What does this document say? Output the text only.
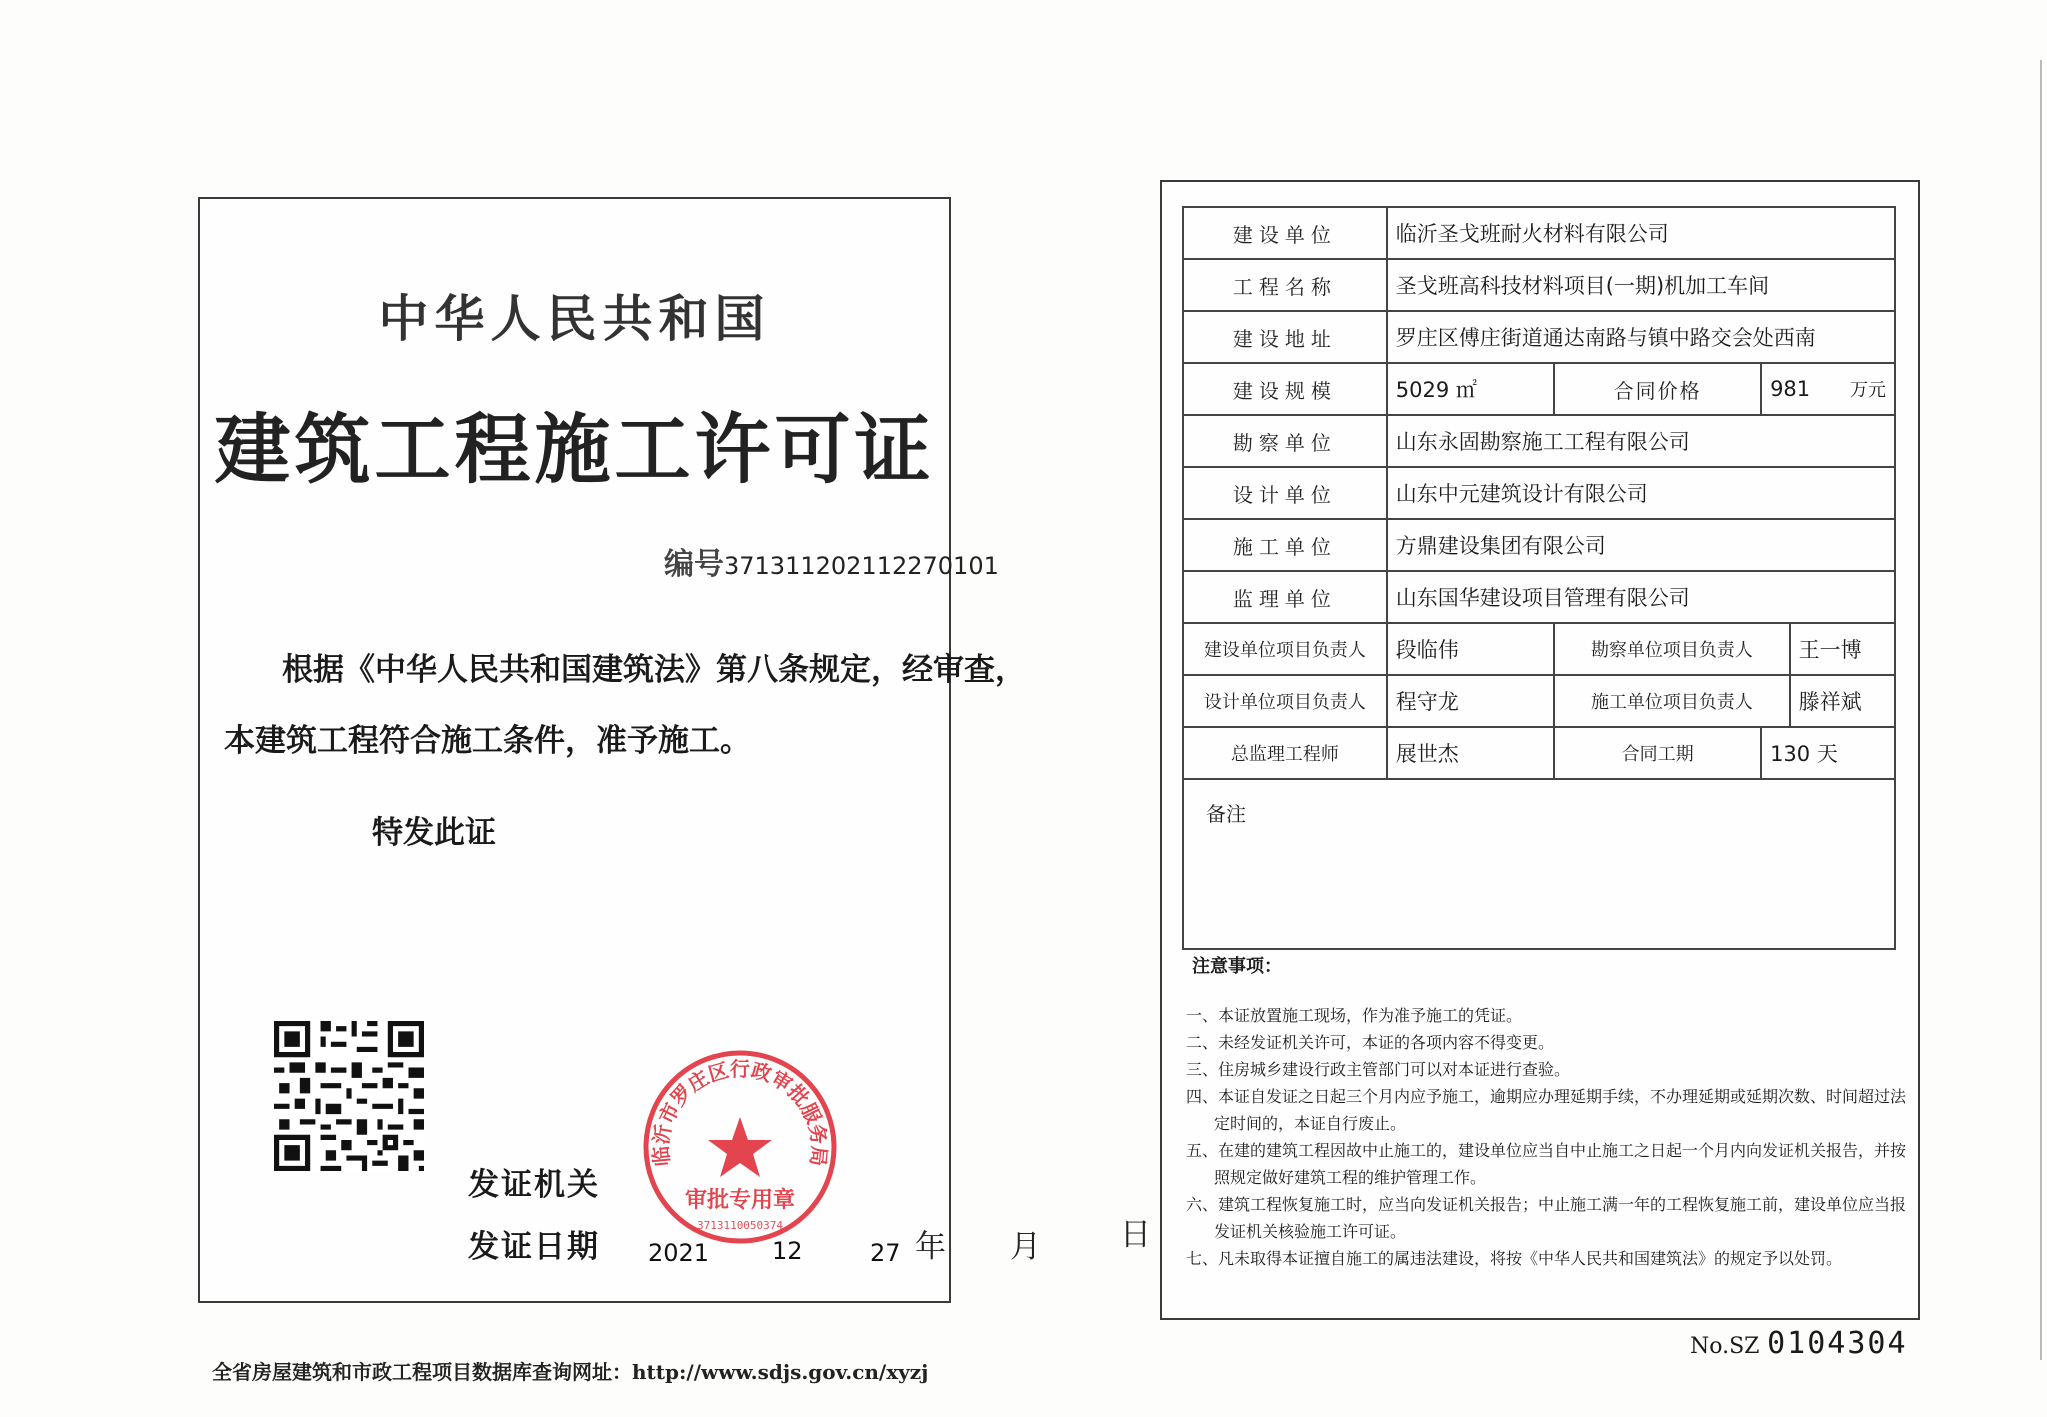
中华人民共和国
建筑工程施工许可证
编号371311202112270101
根据《中华人民共和国建筑法》第八条规定，经审查，
本建筑工程符合施工条件，准予施工。
特发此证
发证机关
发证日期	年 月	日
2021	12	27
临沂市罗庄区行政审批服务局
审批专用章
3713110050374
全省房屋建筑和市政工程项目数据库查询网址：http://www.sdjs.gov.cn/xyzj
建设单位	临沂圣戈班耐火材料有限公司				
工程名称	圣戈班高科技材料项目(一期)机加工车间				
建设地址	罗庄区傅庄街道通达南路与镇中路交会处西南				
建设规模	5029 ㎡	合同价格	981		万元
勘察单位	山东永固勘察施工工程有限公司				
设计单位	山东中元建筑设计有限公司				
施工单位	方鼎建设集团有限公司				
监理单位	山东国华建设项目管理有限公司				
建设单位项目负责人	段临伟	勘察单位项目负责人		王一博	
设计单位项目负责人	程守龙	施工单位项目负责人		滕祥斌	
总监理工程师	展世杰	合同工期	130 天		
备注					
注意事项：
一、本证放置施工现场，作为准予施工的凭证。
二、未经发证机关许可，本证的各项内容不得变更。
三、住房城乡建设行政主管部门可以对本证进行查验。
四、本证自发证之日起三个月内应予施工，逾期应办理延期手续，不办理延期或延期次数、时间超过法定时间的，本证自行废止。
五、在建的建筑工程因故中止施工的，建设单位应当自中止施工之日起一个月内向发证机关报告，并按照规定做好建筑工程的维护管理工作。
六、建筑工程恢复施工时，应当向发证机关报告；中止施工满一年的工程恢复施工前，建设单位应当报发证机关核验施工许可证。
七、凡未取得本证擅自施工的属违法建设，将按《中华人民共和国建筑法》的规定予以处罚。
No.SZ 0104304
